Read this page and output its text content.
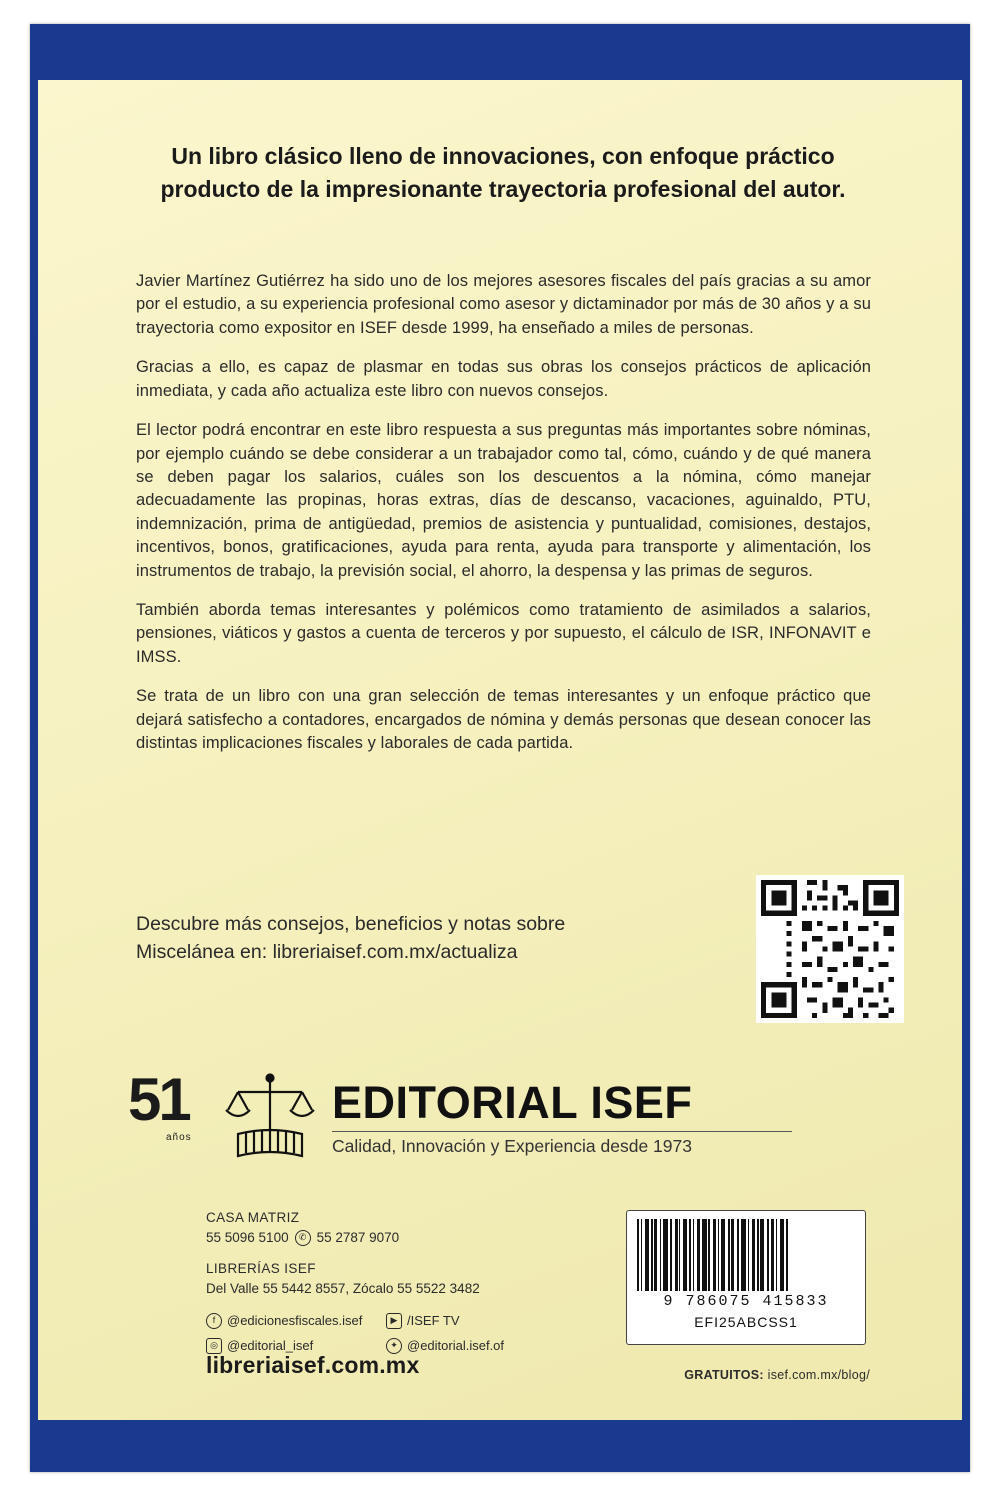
Un libro clásico lleno de innovaciones, con enfoque práctico producto de la impresionante trayectoria profesional del autor.

Javier Martínez Gutiérrez ha sido uno de los mejores asesores fiscales del país gracias a su amor por el estudio, a su experiencia profesional como asesor y dictaminador por más de 30 años y a su trayectoria como expositor en ISEF desde 1999, ha enseñado a miles de personas.

Gracias a ello, es capaz de plasmar en todas sus obras los consejos prácticos de aplicación inmediata, y cada año actualiza este libro con nuevos consejos.

El lector podrá encontrar en este libro respuesta a sus preguntas más importantes sobre nóminas, por ejemplo cuándo se debe considerar a un trabajador como tal, cómo, cuándo y de qué manera se deben pagar los salarios, cuáles son los descuentos a la nómina, cómo manejar adecuadamente las propinas, horas extras, días de descanso, vacaciones, aguinaldo, PTU, indemnización, prima de antigüedad, premios de asistencia y puntualidad, comisiones, destajos, incentivos, bonos, gratificaciones, ayuda para renta, ayuda para transporte y alimentación, los instrumentos de trabajo, la previsión social, el ahorro, la despensa y las primas de seguros.

También aborda temas interesantes y polémicos como tratamiento de asimilados a salarios, pensiones, viáticos y gastos a cuenta de terceros y por supuesto, el cálculo de ISR, INFONAVIT e IMSS.

Se trata de un libro con una gran selección de temas interesantes y un enfoque práctico que dejará satisfecho a contadores, encargados de nómina y demás personas que desean conocer las distintas implicaciones fiscales y laborales de cada partida.

Descubre más consejos, beneficios y notas sobre
Miscelánea en: libreriaisef.com.mx/actualiza
51
años
EDITORIAL ISEF
Calidad, Innovación y Experiencia desde 1973
CASA MATRIZ
55 5096 5100	✆ 55 2787 9070
LIBRERÍAS ISEF
Del Valle 55 5442 8557, Zócalo 55 5522 3482
f @edicionesfiscales.isef	▶ /ISEF TV
◎ @editorial_isef	✦ @editorial.isef.of
libreriaisef.com.mx
9 786075 415833
EFI25ABCSS1
GRATUITOS: isef.com.mx/blog/
